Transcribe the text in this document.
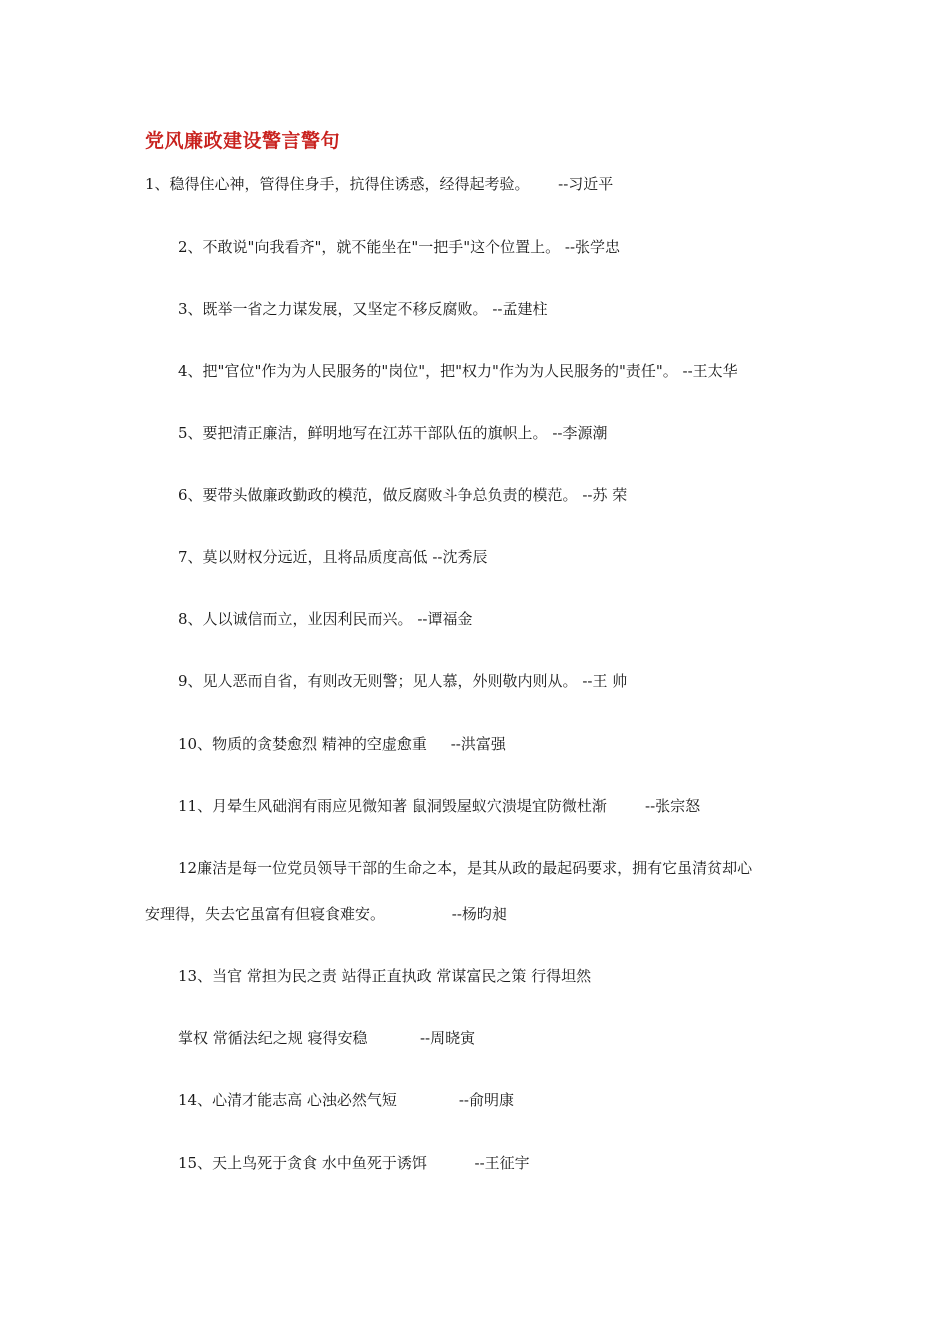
党风廉政建设警言警句
1、稳得住心神，管得住身手，抗得住诱惑，经得起考验。      --习近平
2、不敢说"向我看齐"，就不能坐在"一把手"这个位置上。 --张学忠
3、既举一省之力谋发展，又坚定不移反腐败。 --孟建柱
4、把"官位"作为为人民服务的"岗位"，把"权力"作为为人民服务的"责任"。 --王太华
5、要把清正廉洁，鲜明地写在江苏干部队伍的旗帜上。 --李源潮
6、要带头做廉政勤政的模范，做反腐败斗争总负责的模范。 --苏 荣
7、莫以财权分远近，且将品质度高低 --沈秀辰
8、人以诚信而立，业因利民而兴。 --谭福金
9、见人恶而自省，有则改无则警；见人慕，外则敬内则从。 --王 帅
10、物质的贪婪愈烈 精神的空虚愈重     --洪富强
11、月晕生风础润有雨应见微知著 鼠洞毁屋蚁穴溃堤宜防微杜渐        --张宗怒
12廉洁是每一位党员领导干部的生命之本，是其从政的最起码要求，拥有它虽清贫却心
安理得，失去它虽富有但寝食难安。              --杨昀昶
13、当官 常担为民之责 站得正直执政 常谋富民之策 行得坦然
掌权 常循法纪之规 寝得安稳           --周晓寅
14、心清才能志高 心浊必然气短             --俞明康
15、天上鸟死于贪食 水中鱼死于诱饵          --王征宇
